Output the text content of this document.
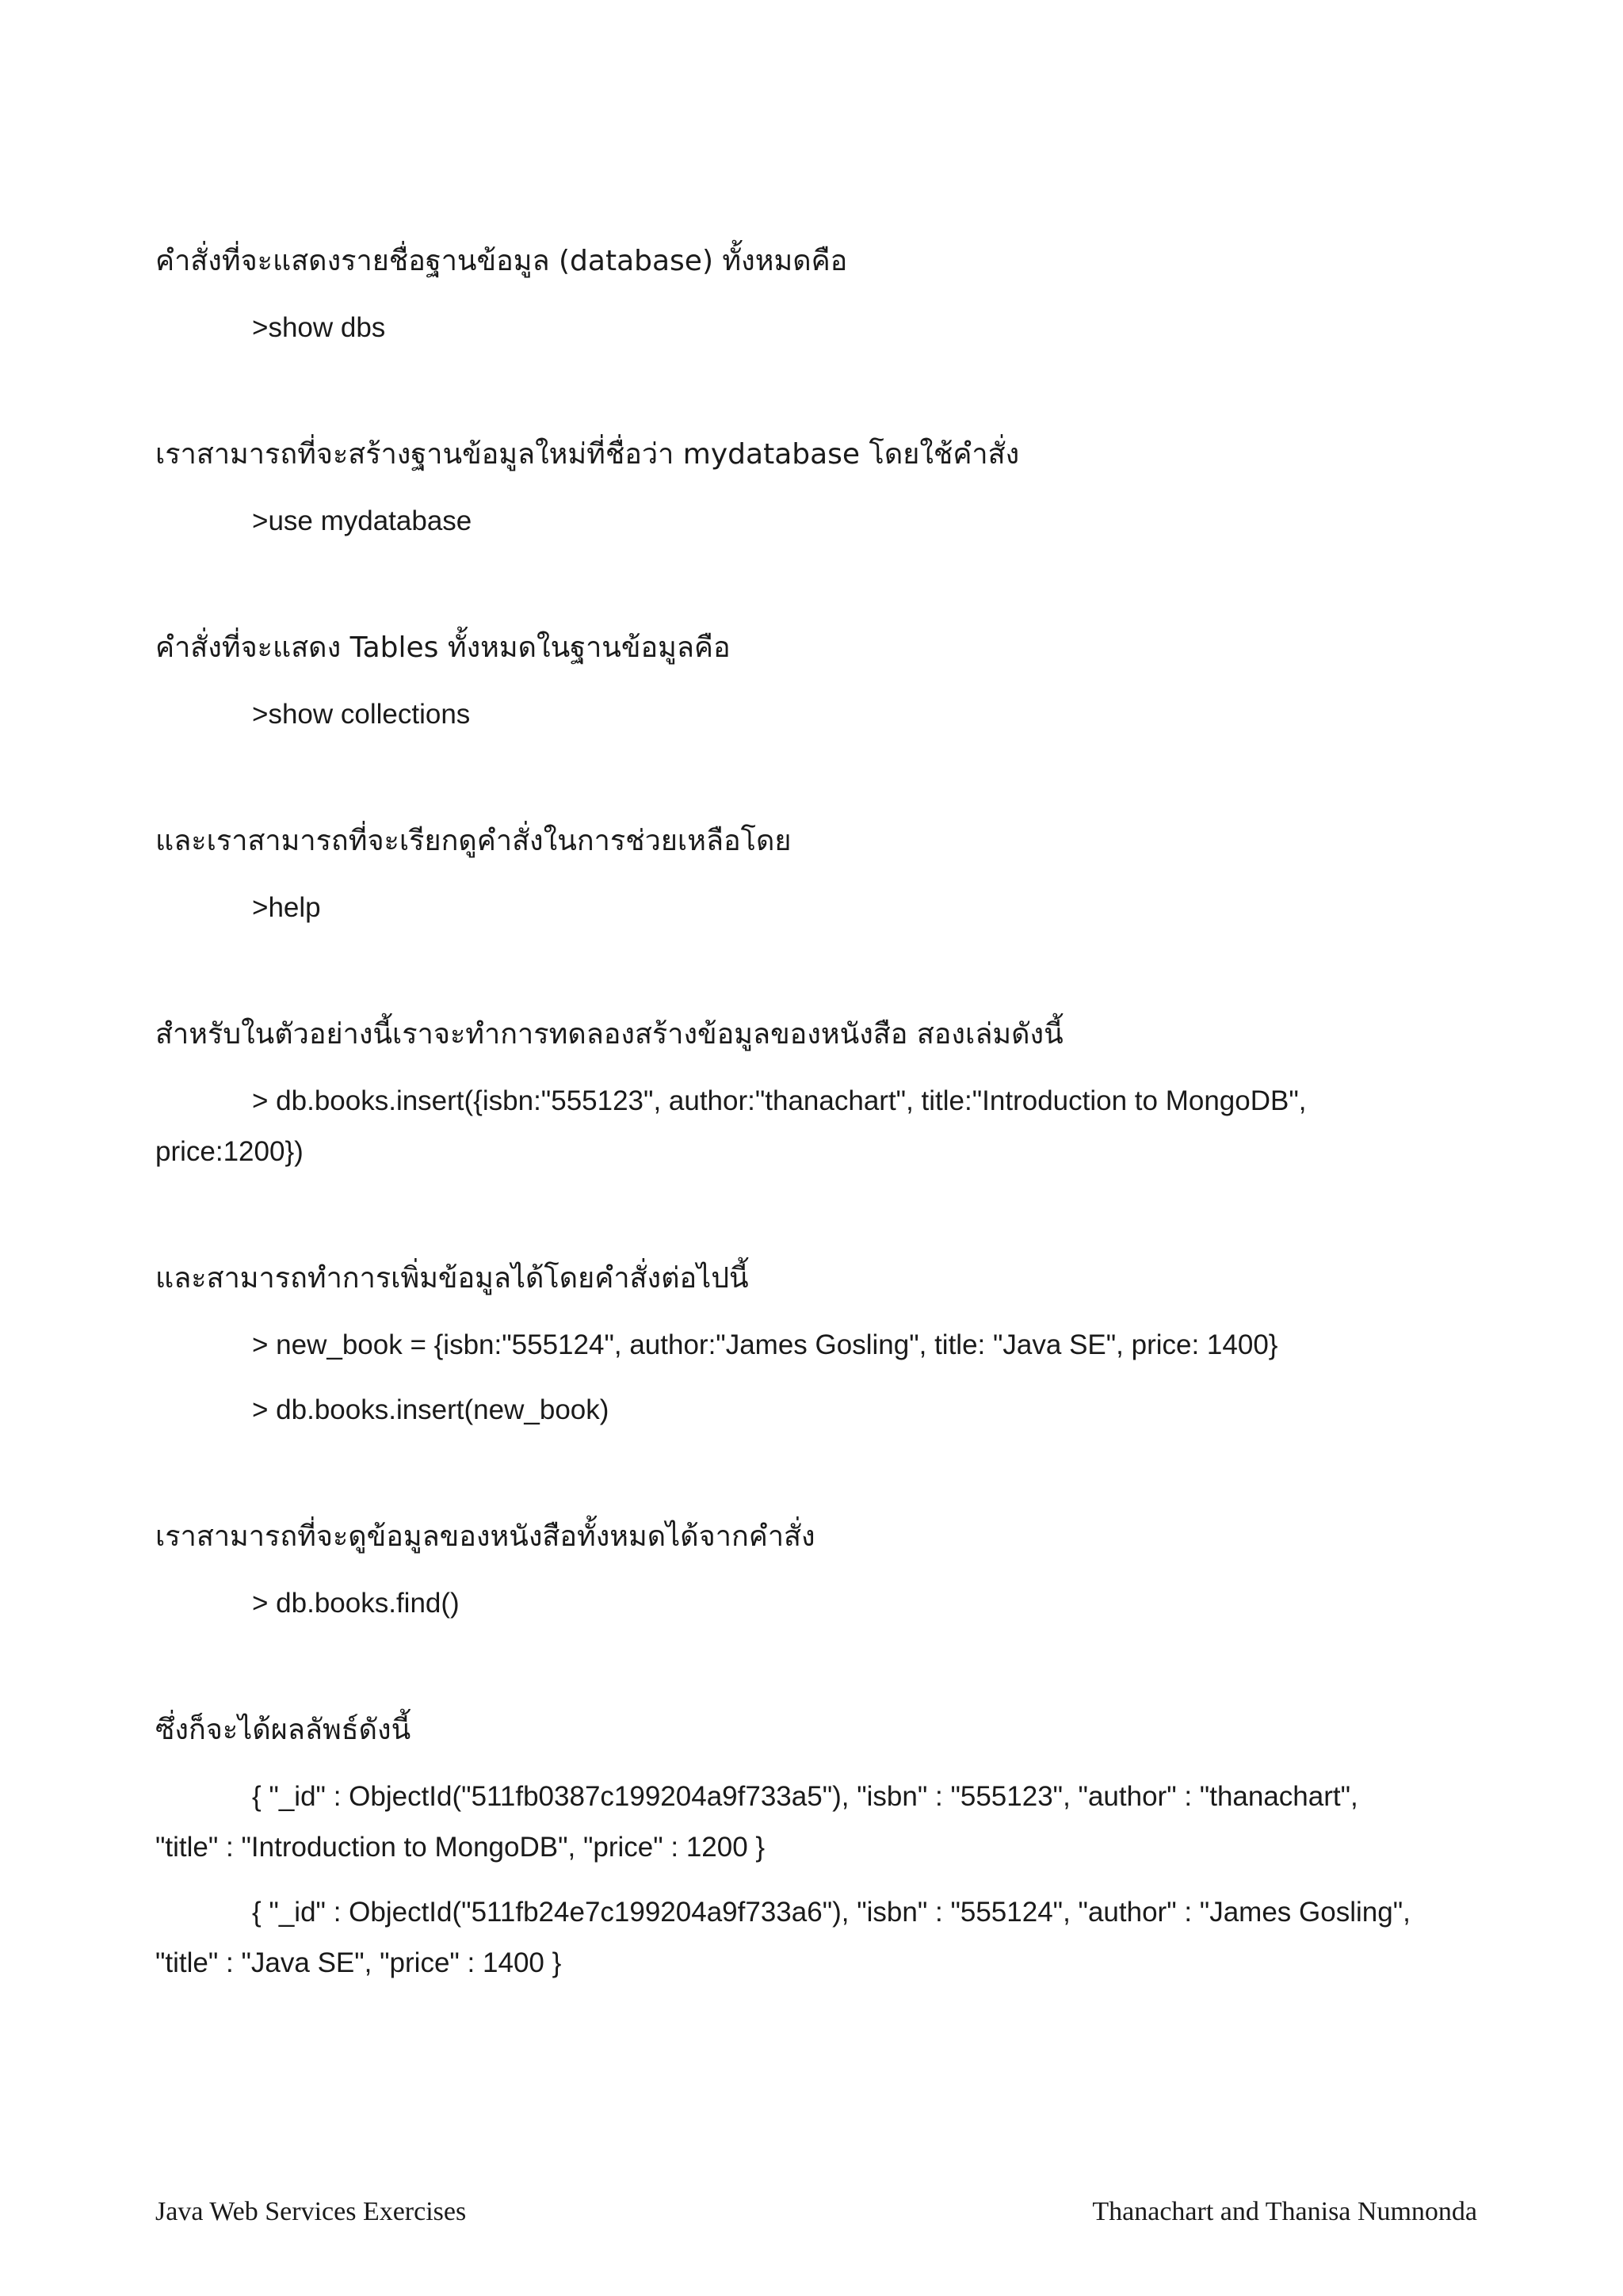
คำสั่งที่จะแสดงรายชื่อฐานข้อมูล (database) ทั้งหมดคือ

>show dbs

เราสามารถที่จะสร้างฐานข้อมูลใหม่ที่ชื่อว่า mydatabase โดยใช้คำสั่ง

>use mydatabase

คำสั่งที่จะแสดง Tables ทั้งหมดในฐานข้อมูลคือ

>show collections

และเราสามารถที่จะเรียกดูคำสั่งในการช่วยเหลือโดย

>help

สำหรับในตัวอย่างนี้เราจะทำการทดลองสร้างข้อมูลของหนังสือ สองเล่มดังนี้

> db.books.insert({isbn:"555123", author:"thanachart", title:"Introduction to MongoDB",

price:1200})

และสามารถทำการเพิ่มข้อมูลได้โดยคำสั่งต่อไปนี้

> new_book = {isbn:"555124", author:"James Gosling", title: "Java SE", price: 1400}

> db.books.insert(new_book)

เราสามารถที่จะดูข้อมูลของหนังสือทั้งหมดได้จากคำสั่ง

> db.books.find()

ซึ่งก็จะได้ผลลัพธ์ดังนี้

{ "_id" : ObjectId("511fb0387c199204a9f733a5"), "isbn" : "555123", "author" : "thanachart",

"title" : "Introduction to MongoDB", "price" : 1200 }

{ "_id" : ObjectId("511fb24e7c199204a9f733a6"), "isbn" : "555124", "author" : "James Gosling",

"title" : "Java SE", "price" : 1400 }

Java Web Services Exercises	Thanachart and Thanisa Numnonda
